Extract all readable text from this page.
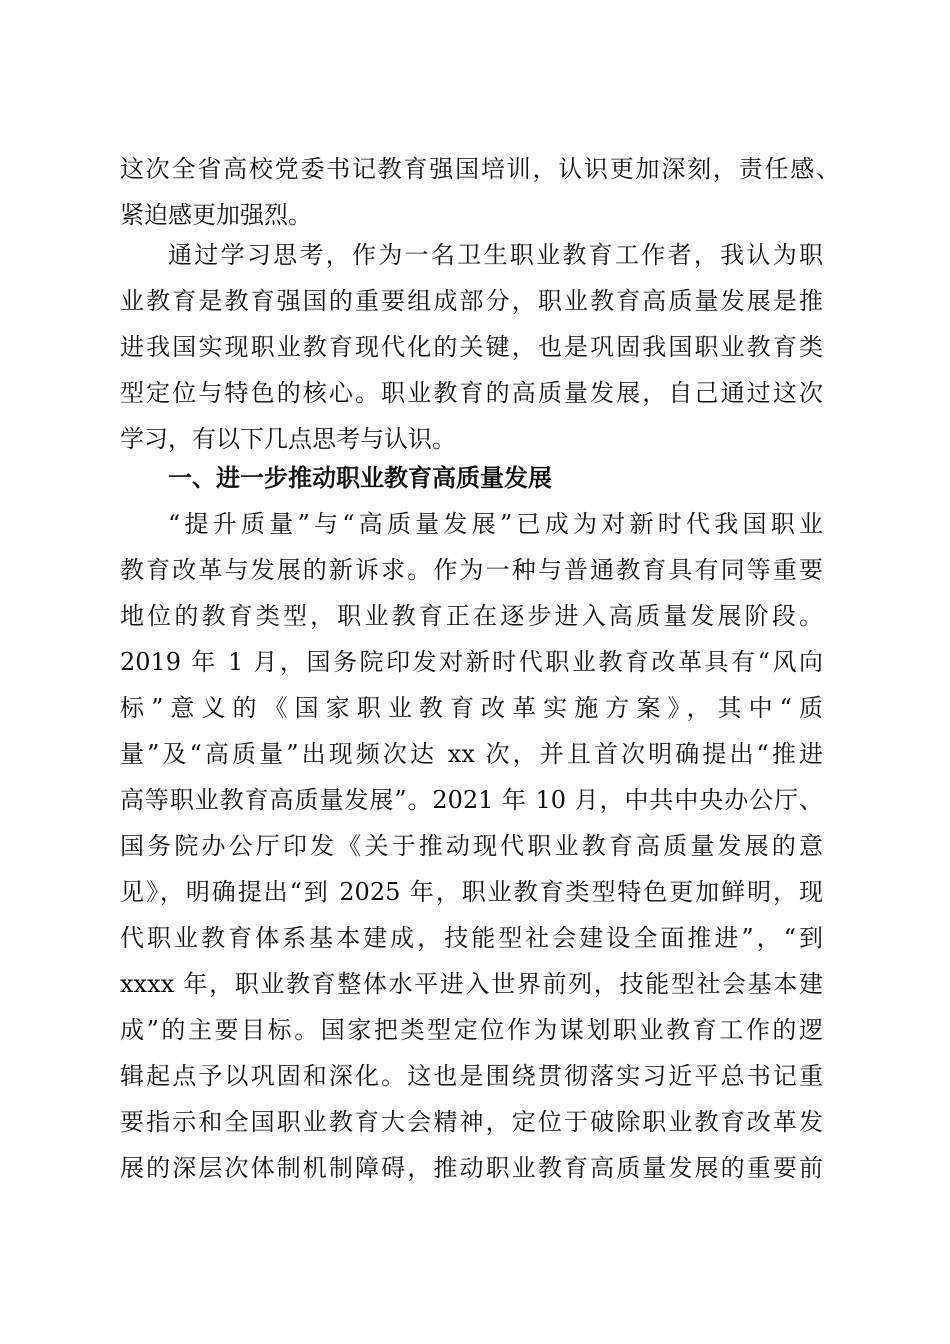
这次全省高校党委书记教育强国培训，认识更加深刻，责任感、
紧迫感更加强烈。
通过学习思考，作为一名卫生职业教育工作者，我认为职
业教育是教育强国的重要组成部分，职业教育高质量发展是推
进我国实现职业教育现代化的关键，也是巩固我国职业教育类
型定位与特色的核心。职业教育的高质量发展，自己通过这次
学习，有以下几点思考与认识。
一、进一步推动职业教育高质量发展
“提升质量”与“高质量发展”已成为对新时代我国职业
教育改革与发展的新诉求。作为一种与普通教育具有同等重要
地位的教育类型，职业教育正在逐步进入高质量发展阶段。
2019 年 1 月，国务院印发对新时代职业教育改革具有“风向
标”意义的《国家职业教育改革实施方案》，其中“质
量”及“高质量”出现频次达 xx 次，并且首次明确提出“推进
高等职业教育高质量发展”。2021 年 10 月，中共中央办公厅、
国务院办公厅印发《关于推动现代职业教育高质量发展的意
见》，明确提出“到 2025 年，职业教育类型特色更加鲜明，现
代职业教育体系基本建成，技能型社会建设全面推进”，“到
xxxx 年，职业教育整体水平进入世界前列，技能型社会基本建
成”的主要目标。国家把类型定位作为谋划职业教育工作的逻
辑起点予以巩固和深化。这也是围绕贯彻落实习近平总书记重
要指示和全国职业教育大会精神，定位于破除职业教育改革发
展的深层次体制机制障碍，推动职业教育高质量发展的重要前
